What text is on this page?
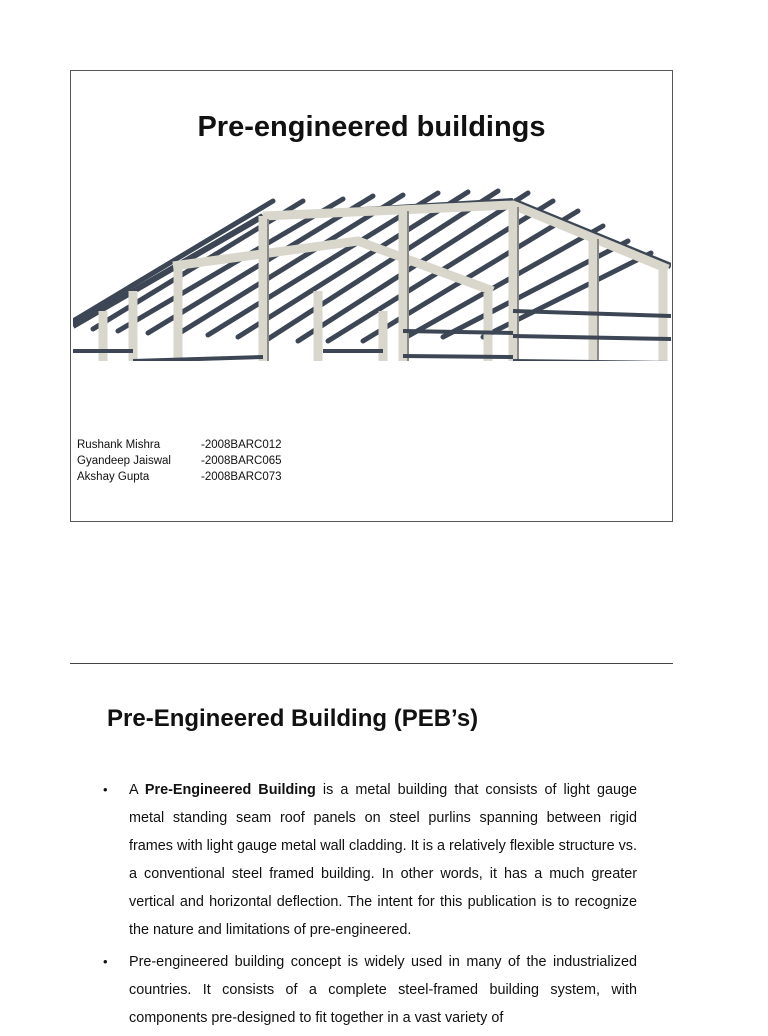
Pre-engineered buildings
Rushank Mishra	-2008BARC012
Gyandeep Jaiswal	-2008BARC065
Akshay Gupta	-2008BARC073
Pre-Engineered Building (PEB’s)
• A Pre-Engineered Building is a metal building that consists of light gauge metal standing seam roof panels on steel purlins spanning between rigid frames with light gauge metal wall cladding. It is a relatively flexible structure vs. a conventional steel framed building. In other words, it has a much greater vertical and horizontal deflection. The intent for this publication is to recognize the nature and limitations of pre-engineered.
• Pre-engineered building concept is widely used in many of the industrialized countries. It consists of a complete steel-framed building system, with components pre-designed to fit together in a vast variety of
